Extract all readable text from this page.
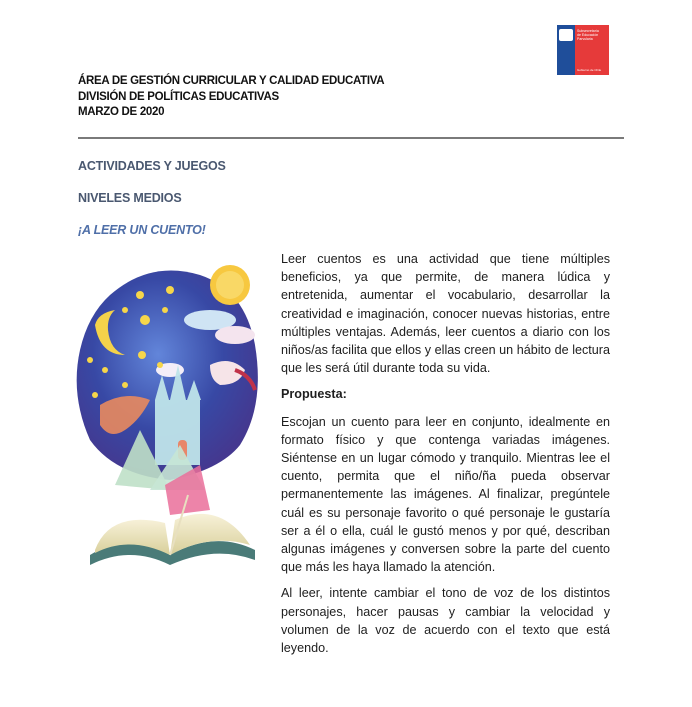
Subsecretaría
de Educación
Parvularia
Gobierno de Chile
ÁREA DE GESTIÓN CURRICULAR Y CALIDAD EDUCATIVA
DIVISIÓN DE POLÍTICAS EDUCATIVAS
MARZO DE 2020
ACTIVIDADES Y JUEGOS
NIVELES MEDIOS
¡A LEER UN CUENTO!

Leer cuentos es una actividad que tiene múltiples beneficios, ya que permite, de manera lúdica y entretenida, aumentar el vocabulario, desarrollar la creatividad e imaginación, conocer nuevas historias, entre múltiples ventajas. Además, leer cuentos a diario con los niños/as facilita que ellos y ellas creen un hábito de lectura que les será útil durante toda su vida.

Propuesta:

Escojan un cuento para leer en conjunto, idealmente en formato físico y que contenga variadas imágenes. Siéntense en un lugar cómodo y tranquilo. Mientras lee el cuento, permita que el niño/ña pueda observar permanentemente las imágenes. Al finalizar, pregúntele cuál es su personaje favorito o qué personaje le gustaría ser a él o ella, cuál le gustó menos y por qué, describan algunas imágenes y conversen sobre la parte del cuento que más les haya llamado la atención.

Al leer, intente cambiar el tono de voz de los distintos personajes, hacer pausas y cambiar la velocidad y volumen de la voz de acuerdo con el texto que está leyendo.
